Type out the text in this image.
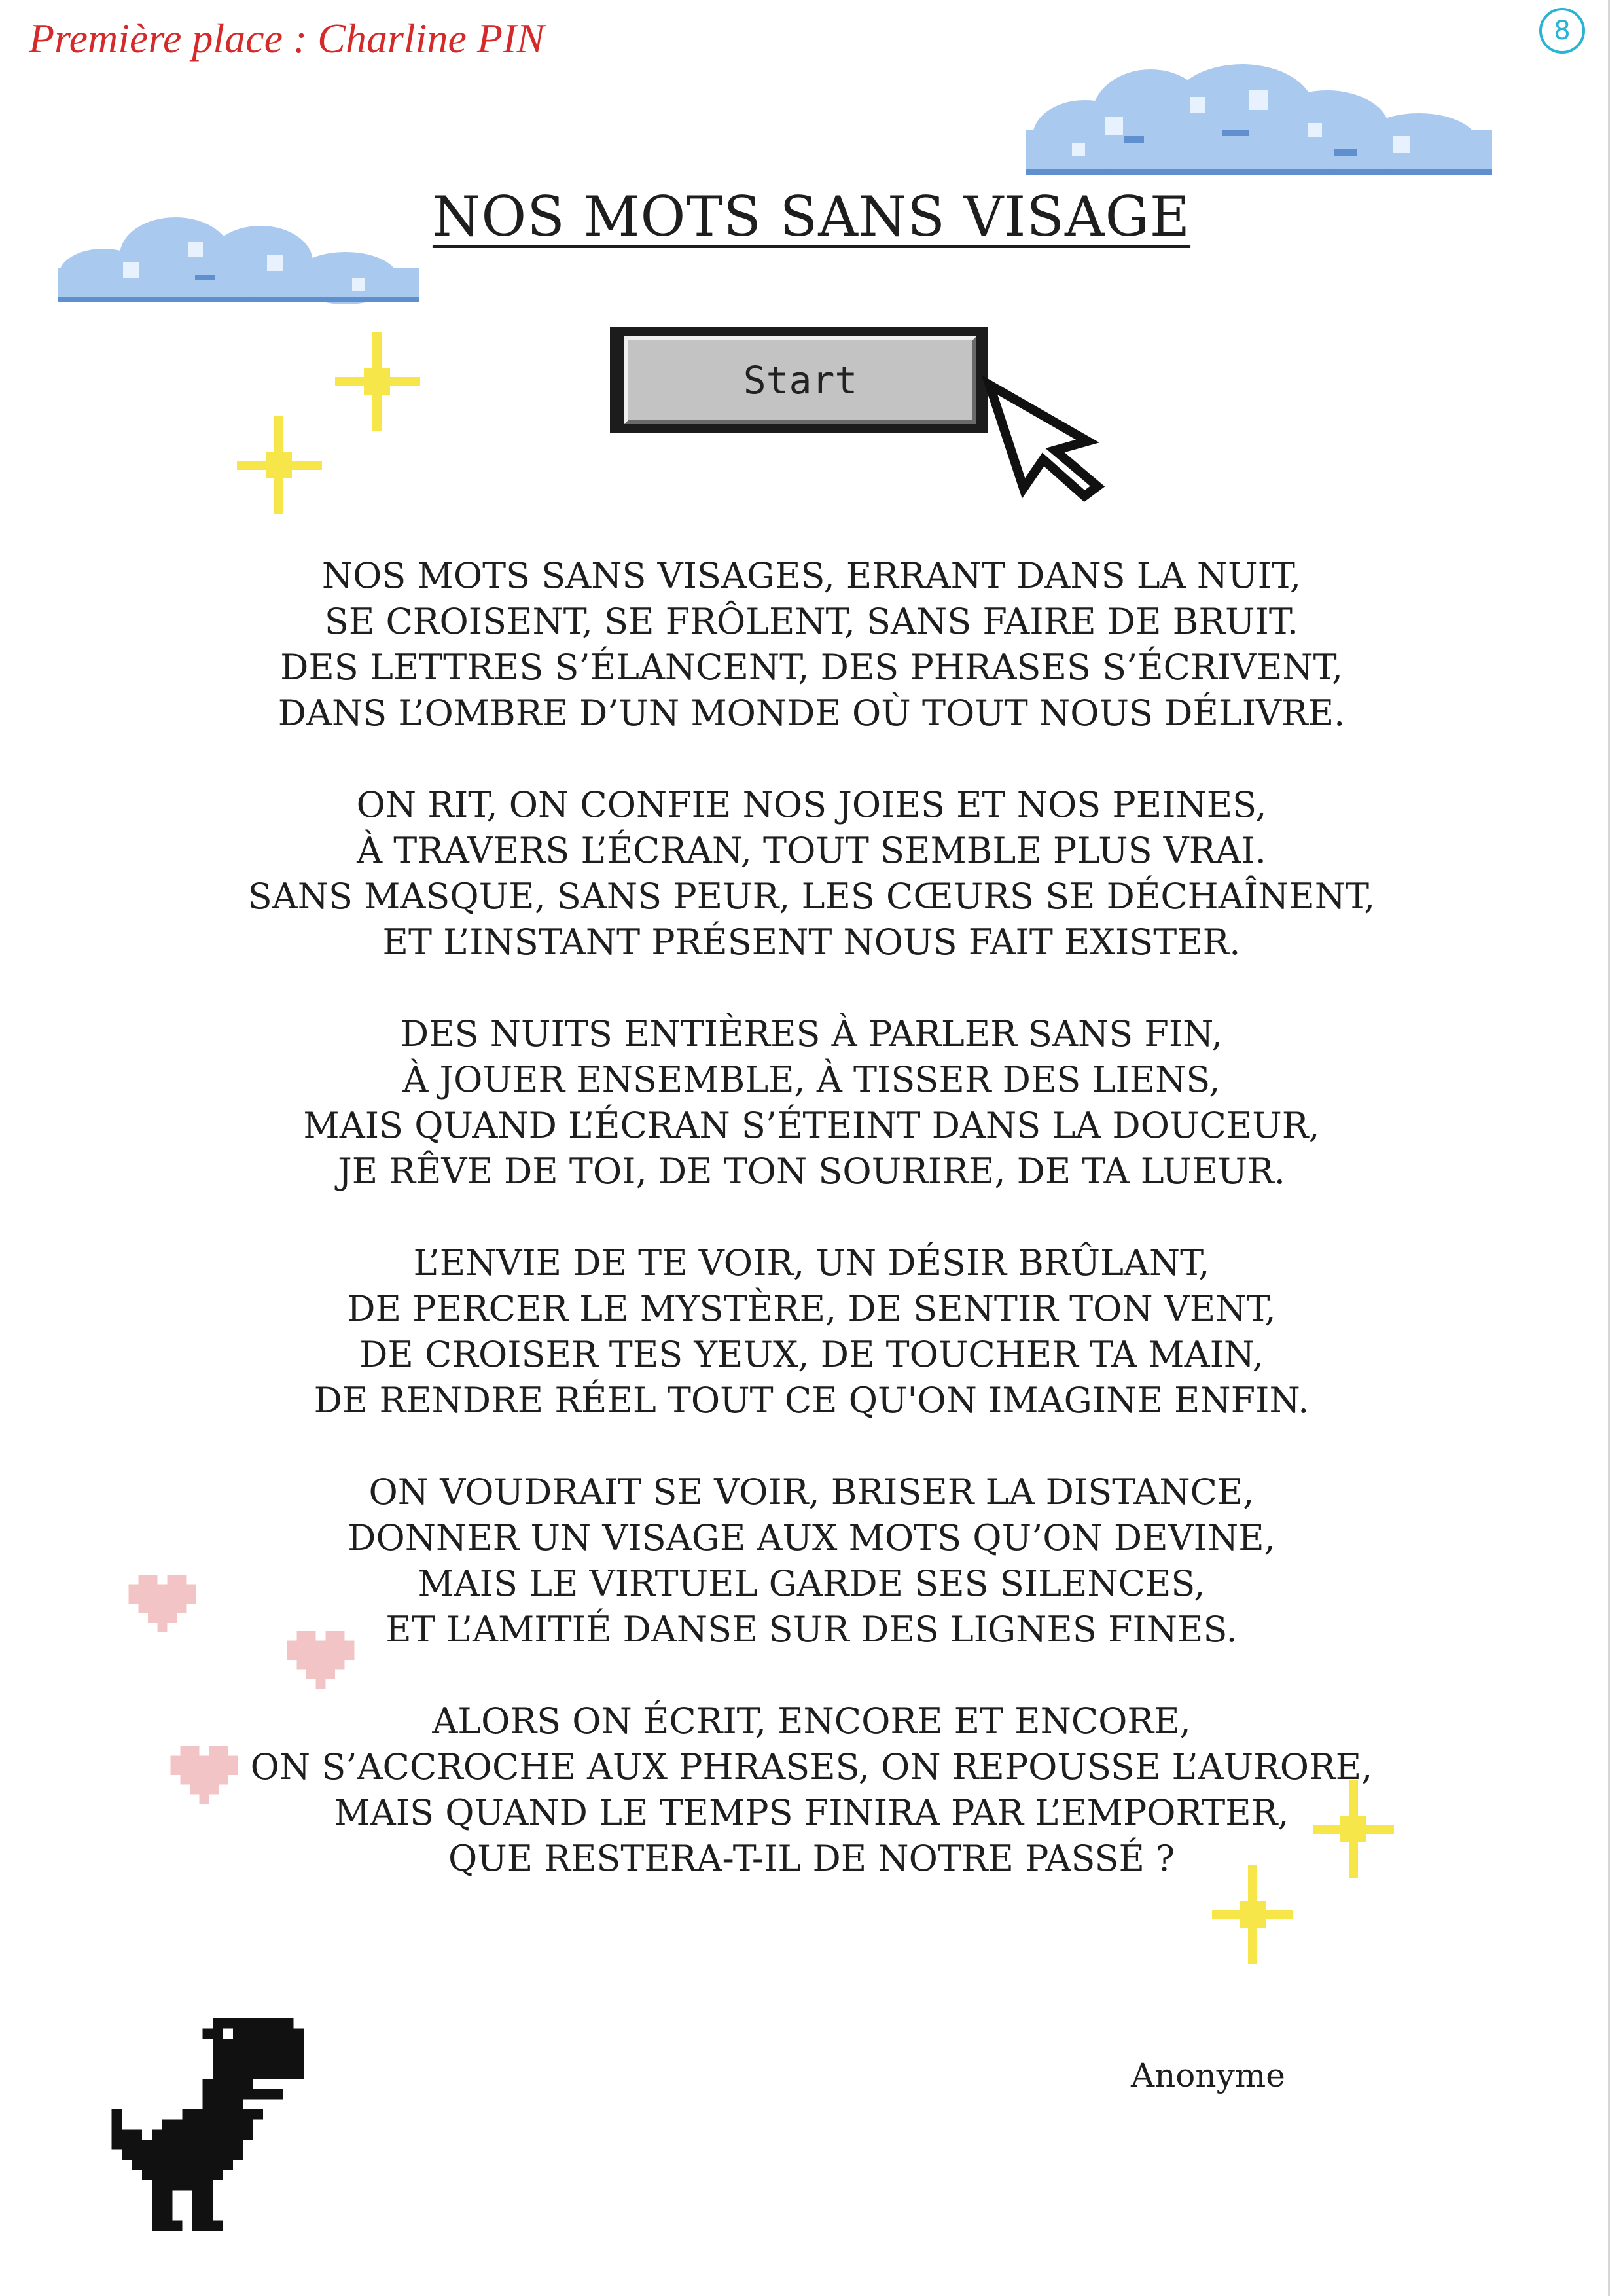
Première place : Charline PIN	8
NOS MOTS SANS VISAGE
Start
NOS MOTS SANS VISAGES, ERRANT DANS LA NUIT,
SE CROISENT, SE FRÔLENT, SANS FAIRE DE BRUIT.
DES LETTRES S’ÉLANCENT, DES PHRASES S’ÉCRIVENT,
DANS L’OMBRE D’UN MONDE OÙ TOUT NOUS DÉLIVRE.
ON RIT, ON CONFIE NOS JOIES ET NOS PEINES,
À TRAVERS L’ÉCRAN, TOUT SEMBLE PLUS VRAI.
SANS MASQUE, SANS PEUR, LES CŒURS SE DÉCHAÎNENT,
ET L’INSTANT PRÉSENT NOUS FAIT EXISTER.
DES NUITS ENTIÈRES À PARLER SANS FIN,
À JOUER ENSEMBLE, À TISSER DES LIENS,
MAIS QUAND L’ÉCRAN S’ÉTEINT DANS LA DOUCEUR,
JE RÊVE DE TOI, DE TON SOURIRE, DE TA LUEUR.
L’ENVIE DE TE VOIR, UN DÉSIR BRÛLANT,
DE PERCER LE MYSTÈRE, DE SENTIR TON VENT,
DE CROISER TES YEUX, DE TOUCHER TA MAIN,
DE RENDRE RÉEL TOUT CE QU'ON IMAGINE ENFIN.
ON VOUDRAIT SE VOIR, BRISER LA DISTANCE,
DONNER UN VISAGE AUX MOTS QU’ON DEVINE,
MAIS LE VIRTUEL GARDE SES SILENCES,
ET L’AMITIÉ DANSE SUR DES LIGNES FINES.
ALORS ON ÉCRIT, ENCORE ET ENCORE,
ON S’ACCROCHE AUX PHRASES, ON REPOUSSE L’AURORE,
MAIS QUAND LE TEMPS FINIRA PAR L’EMPORTER,
QUE RESTERA-T-IL DE NOTRE PASSÉ ?
Anonyme
